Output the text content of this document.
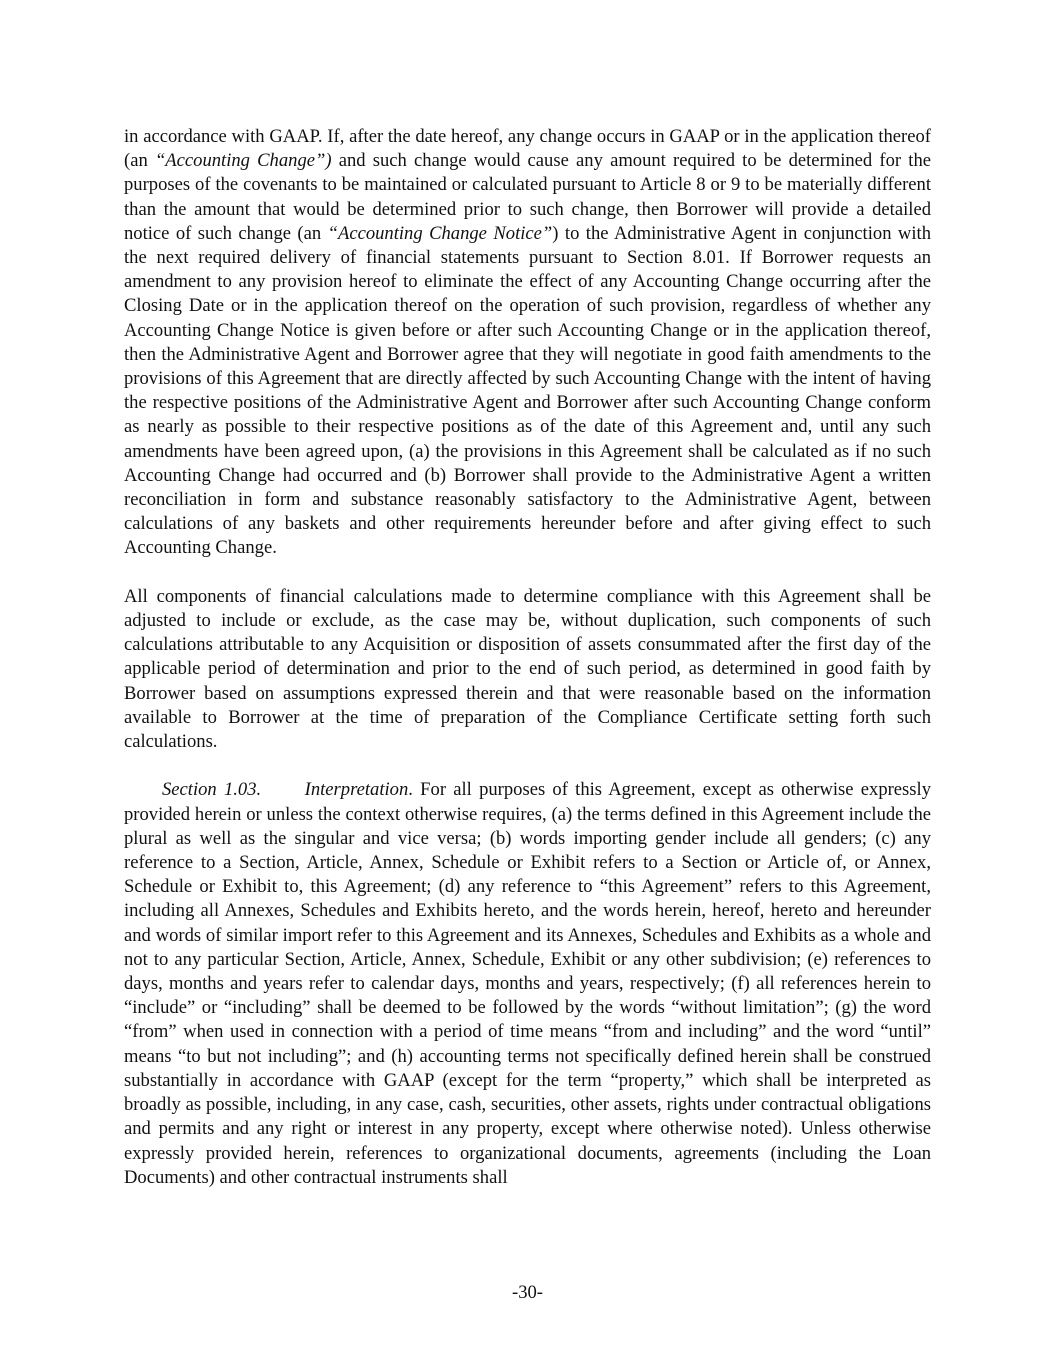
in accordance with GAAP. If, after the date hereof, any change occurs in GAAP or in the application thereof (an “Accounting Change”) and such change would cause any amount required to be determined for the purposes of the covenants to be maintained or calculated pursuant to Article 8 or 9 to be materially different than the amount that would be determined prior to such change, then Borrower will provide a detailed notice of such change (an “Accounting Change Notice”) to the Administrative Agent in conjunction with the next required delivery of financial statements pursuant to Section 8.01. If Borrower requests an amendment to any provision hereof to eliminate the effect of any Accounting Change occurring after the Closing Date or in the application thereof on the operation of such provision, regardless of whether any Accounting Change Notice is given before or after such Accounting Change or in the application thereof, then the Administrative Agent and Borrower agree that they will negotiate in good faith amendments to the provisions of this Agreement that are directly affected by such Accounting Change with the intent of having the respective positions of the Administrative Agent and Borrower after such Accounting Change conform as nearly as possible to their respective positions as of the date of this Agreement and, until any such amendments have been agreed upon, (a) the provisions in this Agreement shall be calculated as if no such Accounting Change had occurred and (b) Borrower shall provide to the Administrative Agent a written reconciliation in form and substance reasonably satisfactory to the Administrative Agent, between calculations of any baskets and other requirements hereunder before and after giving effect to such Accounting Change.

All components of financial calculations made to determine compliance with this Agreement shall be adjusted to include or exclude, as the case may be, without duplication, such components of such calculations attributable to any Acquisition or disposition of assets consummated after the first day of the applicable period of determination and prior to the end of such period, as determined in good faith by Borrower based on assumptions expressed therein and that were reasonable based on the information available to Borrower at the time of preparation of the Compliance Certificate setting forth such calculations.

Section 1.03. Interpretation. For all purposes of this Agreement, except as otherwise expressly provided herein or unless the context otherwise requires, (a) the terms defined in this Agreement include the plural as well as the singular and vice versa; (b) words importing gender include all genders; (c) any reference to a Section, Article, Annex, Schedule or Exhibit refers to a Section or Article of, or Annex, Schedule or Exhibit to, this Agreement; (d) any reference to “this Agreement” refers to this Agreement, including all Annexes, Schedules and Exhibits hereto, and the words herein, hereof, hereto and hereunder and words of similar import refer to this Agreement and its Annexes, Schedules and Exhibits as a whole and not to any particular Section, Article, Annex, Schedule, Exhibit or any other subdivision; (e) references to days, months and years refer to calendar days, months and years, respectively; (f) all references herein to “include” or “including” shall be deemed to be followed by the words “without limitation”; (g) the word “from” when used in connection with a period of time means “from and including” and the word “until” means “to but not including”; and (h) accounting terms not specifically defined herein shall be construed substantially in accordance with GAAP (except for the term “property,” which shall be interpreted as broadly as possible, including, in any case, cash, securities, other assets, rights under contractual obligations and permits and any right or interest in any property, except where otherwise noted). Unless otherwise expressly provided herein, references to organizational documents, agreements (including the Loan Documents) and other contractual instruments shall

-30-
